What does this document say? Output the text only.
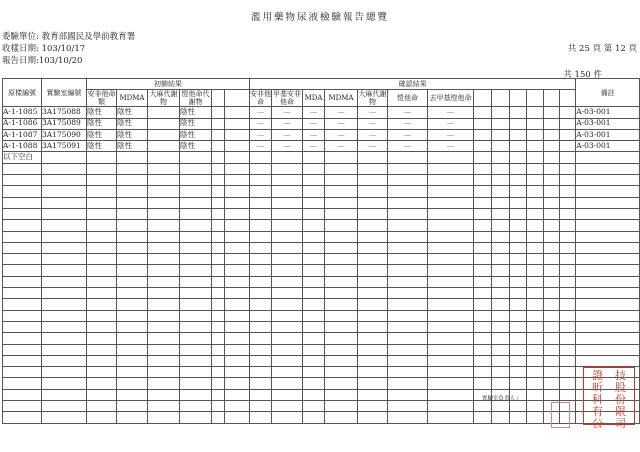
濫用藥物尿液檢驗報告總覽
委驗單位: 教育部國民及學前教育署
收樣日期: 103/10/17
報告日期:103/10/20
共 25 頁 第 12 頁
共 150 件
原樣編號	實驗室編號	初篩結果						確認結果													備註
		安非他命類	MDMA	大麻代謝物	愷他命代謝物			安非他命	甲基安非他命	MDA	MDMA	大麻代謝物	愷他命	去甲基愷他命							
A-1-1085	3A175088	陰性	陰性		陰性			—	—	—	—	—	—	—							A-03-001
A-1-1086	3A175089	陰性	陰性		陰性			—	—	—	—	—	—	—							A-03-001
A-1-1087	3A175090	陰性	陰性		陰性			—	—	—	—	—	—	—							A-03-001
A-1-1088	3A175091	陰性	陰性		陰性			—	—	—	—	—	—	—							A-03-001
以下空白																					

實驗室負責人 :
證	技
昕	股
科	份
有	限
公	司
